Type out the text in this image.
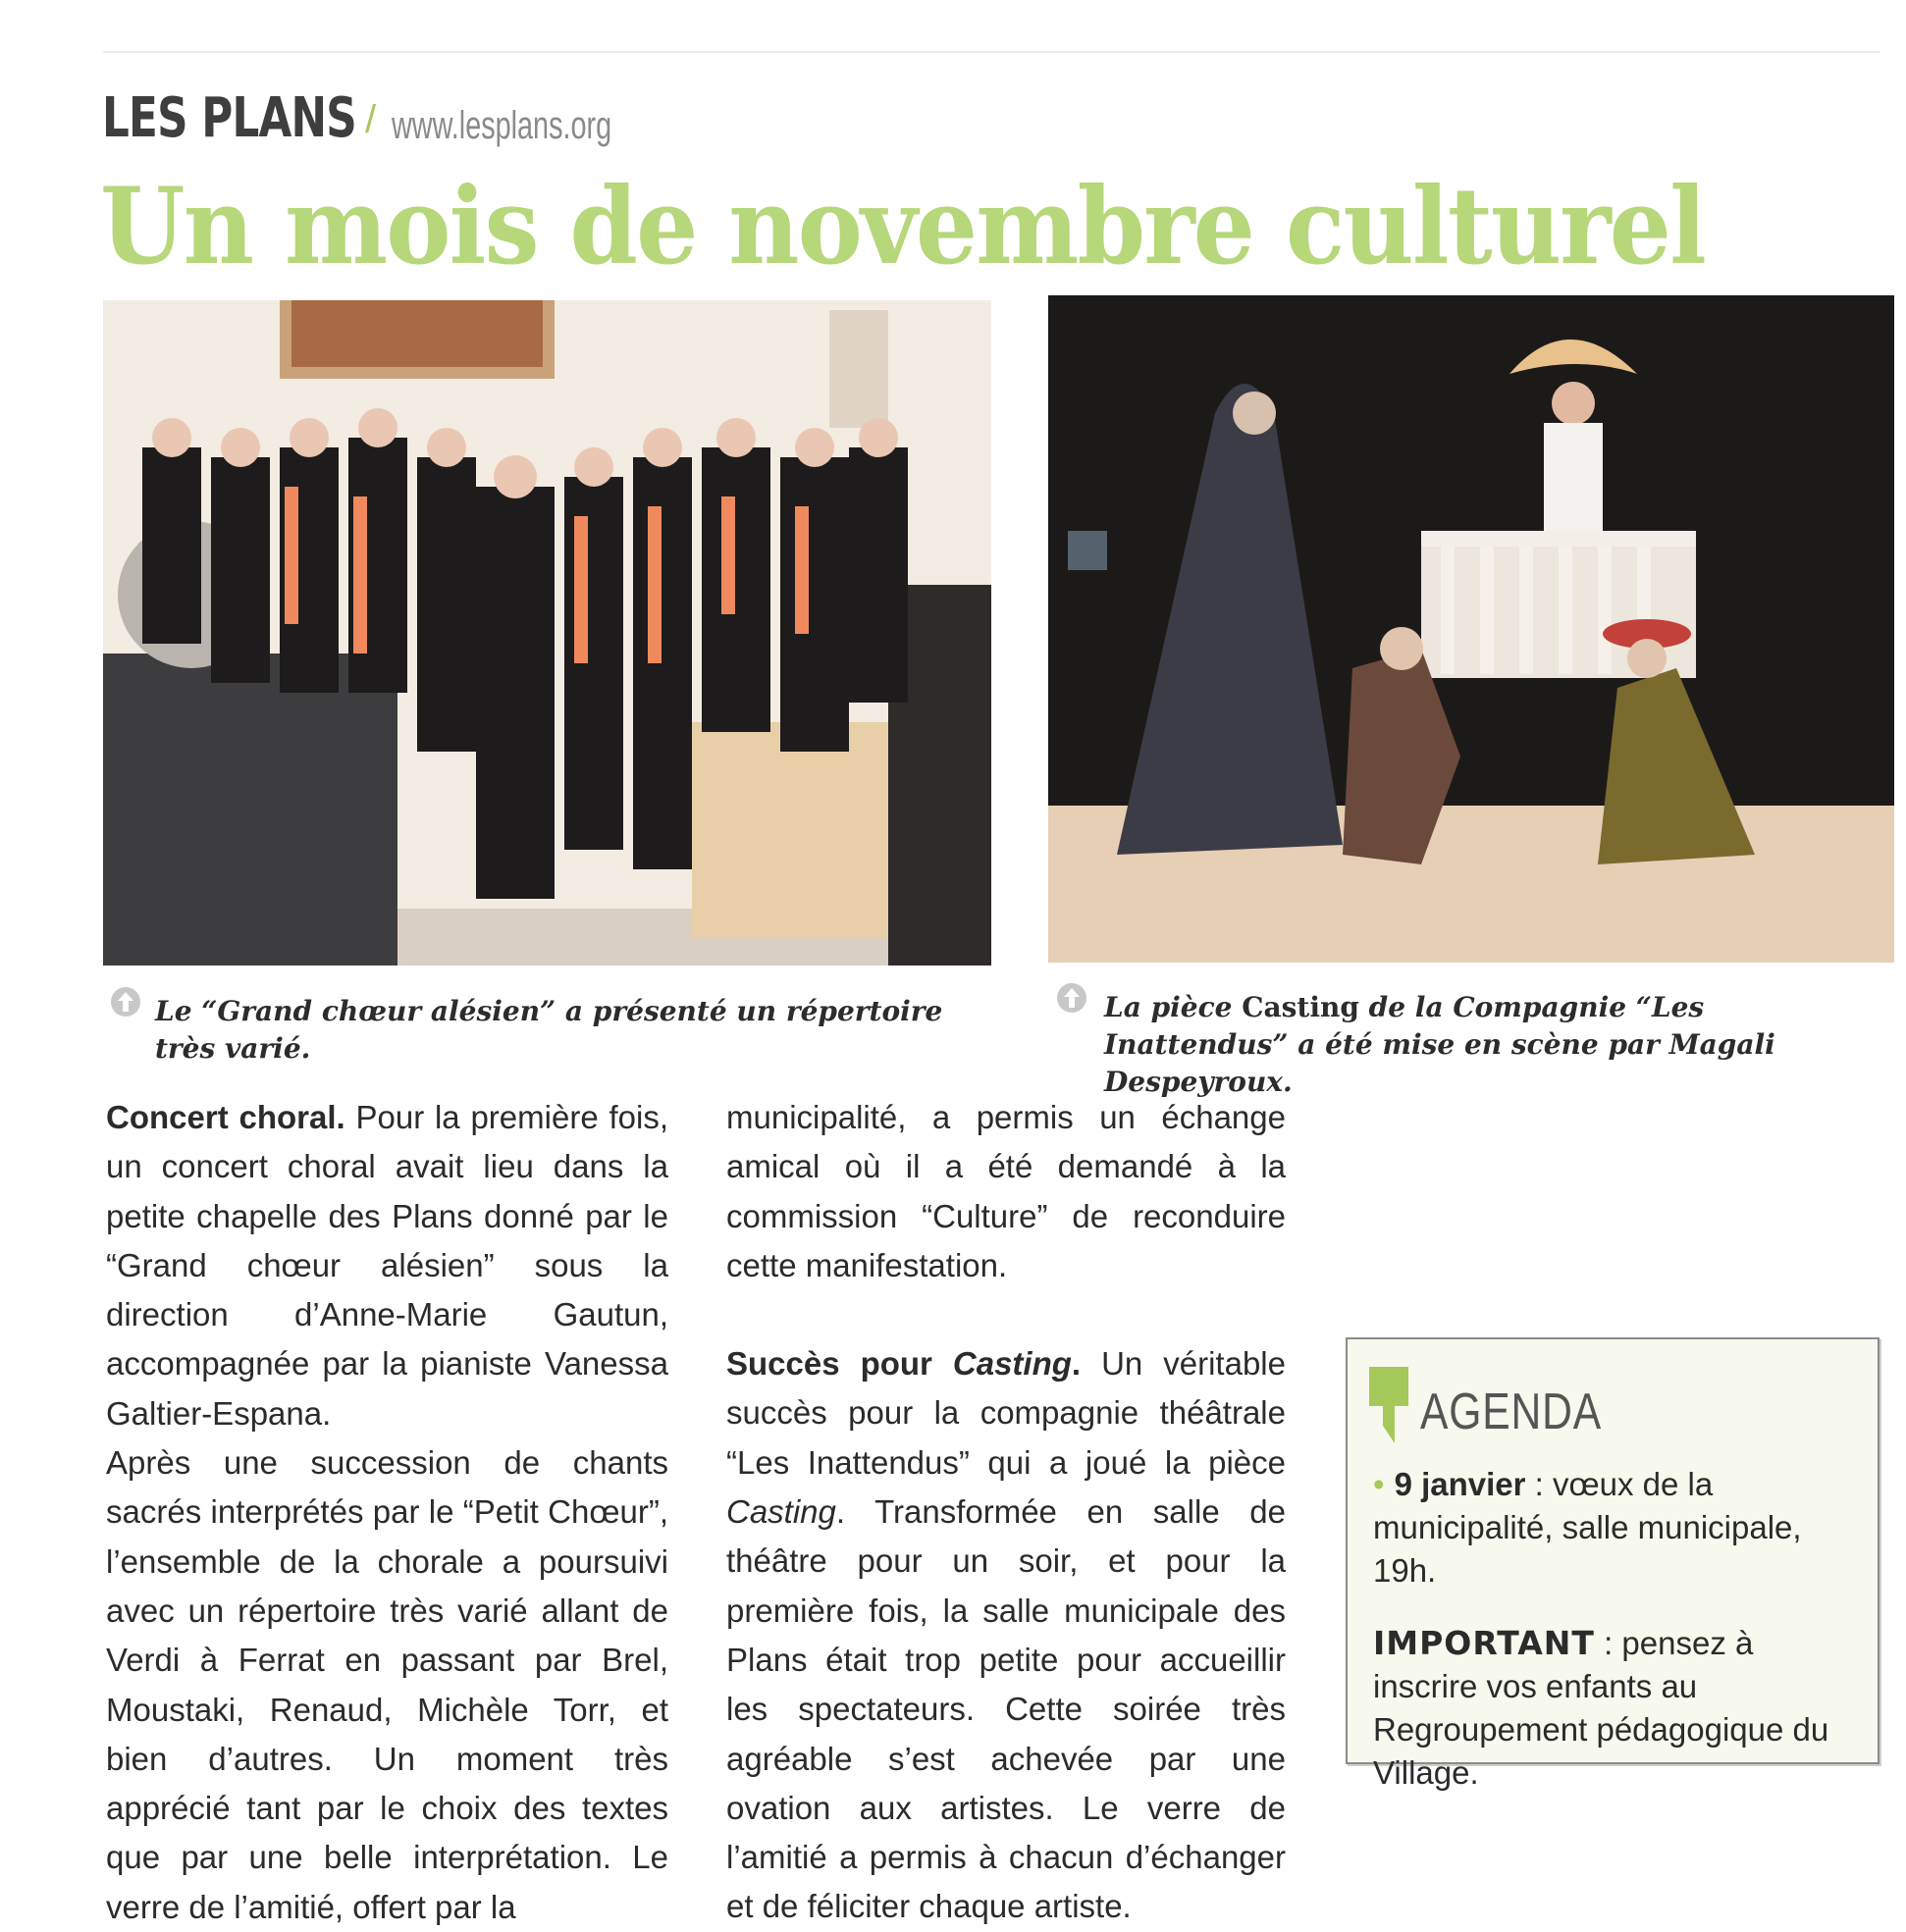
LES PLANS / www.lesplans.org
Un mois de novembre culturel
Le “Grand chœur alésien” a présenté un répertoire très varié.
La pièce Casting de la Compagnie “Les Inattendus” a été mise en scène par Magali Despeyroux.

Concert choral. Pour la première fois, un concert choral avait lieu dans la petite chapelle des Plans donné par le “Grand chœur alésien” sous la direction d’Anne-Marie Gautun, accompagnée par la pianiste Vanessa Galtier-Espana.

Après une succession de chants sacrés interprétés par le “Petit Chœur”, l’ensemble de la chorale a poursuivi avec un répertoire très varié allant de Verdi à Ferrat en passant par Brel, Moustaki, Renaud, Michèle Torr, et bien d’autres. Un moment très apprécié tant par le choix des textes que par une belle interprétation. Le verre de l’amitié, offert par la

municipalité, a permis un échange amical où il a été demandé à la commission “Culture” de reconduire cette manifestation.

Succès pour Casting. Un véritable succès pour la compagnie théâtrale “Les Inattendus” qui a joué la pièce Casting. Transformée en salle de théâtre pour un soir, et pour la première fois, la salle municipale des Plans était trop petite pour accueillir les spectateurs. Cette soirée très agréable s’est achevée par une ovation aux artistes. Le verre de l’amitié a permis à chacun d’échanger et de féliciter chaque artiste.

AGENDA

• 9 janvier : vœux de la municipalité, salle municipale, 19h.

IMPORTANT : pensez à inscrire vos enfants au Regroupement pédagogique du Village.
